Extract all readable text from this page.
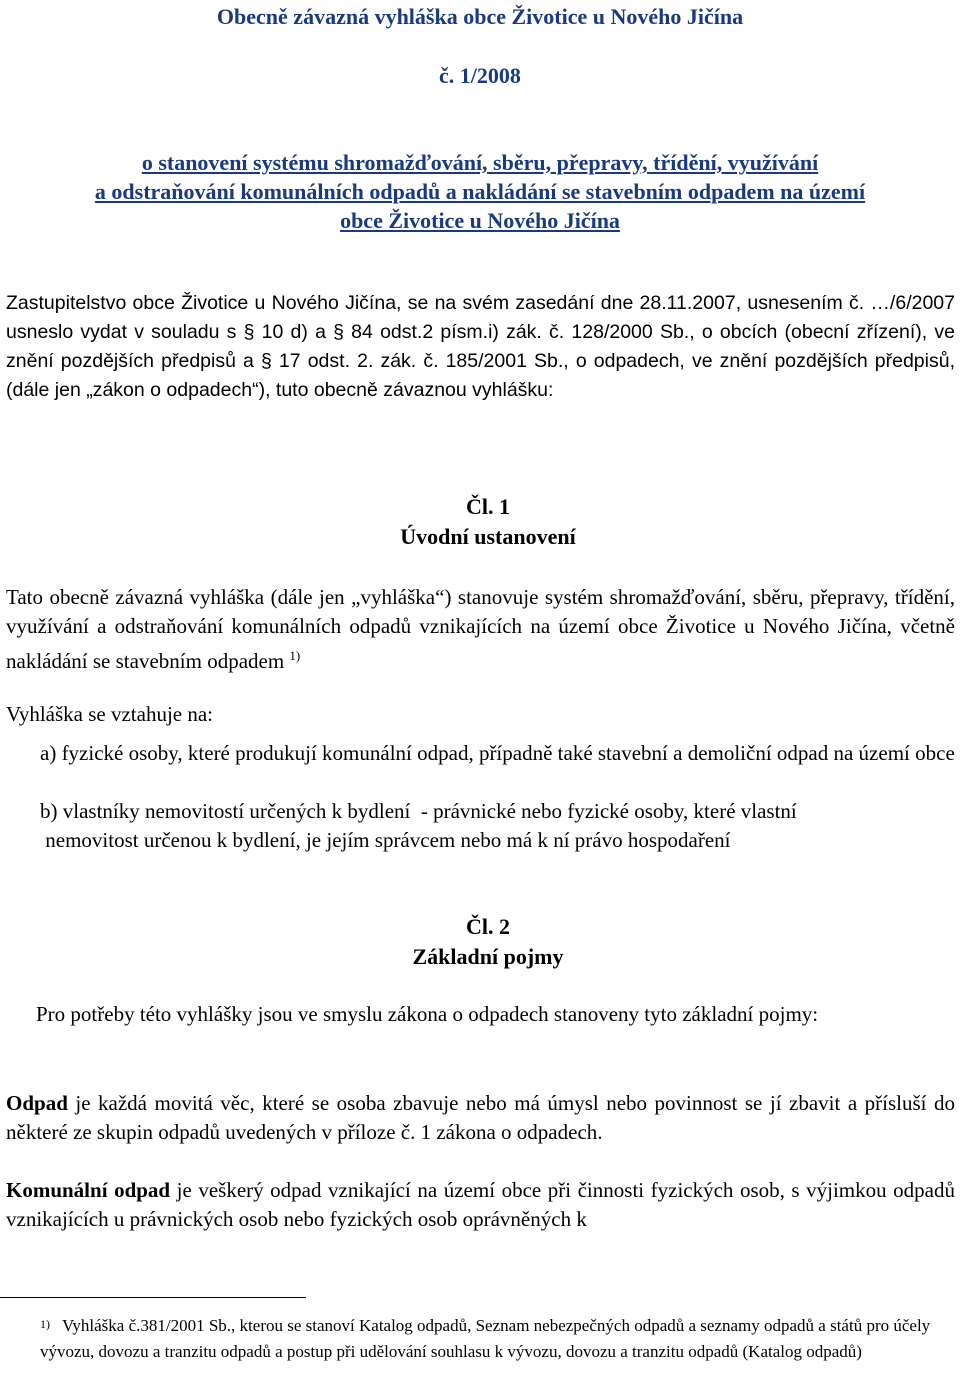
Obecně závazná vyhláška obce Životice u Nového Jičína
č. 1/2008
o stanovení systému shromažďování, sběru, přepravy, třídění, využívání
a odstraňování komunálních odpadů a nakládání se stavebním odpadem na území
obce Životice u Nového Jičína

Zastupitelstvo obce Životice u Nového Jičína, se na svém zasedání dne 28.11.2007, usnesením č. …/6/2007 usneslo vydat v souladu s § 10 d) a § 84 odst.2 písm.i) zák. č. 128/2000 Sb., o obcích (obecní zřízení), ve znění pozdějších předpisů a § 17 odst. 2. zák. č. 185/2001 Sb., o odpadech, ve znění pozdějších předpisů, (dále jen „zákon o odpadech“), tuto obecně závaznou vyhlášku:

Čl. 1
Úvodní ustanovení

Tato obecně závazná vyhláška (dále jen „vyhláška“) stanovuje systém shromažďování, sběru, přepravy, třídění, využívání a odstraňování komunálních odpadů vznikajících na území obce Životice u Nového Jičína, včetně nakládání se stavebním odpadem $^{1)}$

Vyhláška se vztahuje na:

a) fyzické osoby, které produkují komunální odpad, případně také stavební a demoliční odpad na území obce

b) vlastníky nemovitostí určených k bydlení  - právnické nebo fyzické osoby, které vlastní
nemovitost určenou k bydlení, je jejím správcem nebo má k ní právo hospodaření
Čl. 2
Základní pojmy

Pro potřeby této vyhlášky jsou ve smyslu zákona o odpadech stanoveny tyto základní pojmy:

Odpad je každá movitá věc, které se osoba zbavuje nebo má úmysl nebo povinnost se jí zbavit a přísluší do některé ze skupin odpadů uvedených v příloze č. 1 zákona o odpadech.

Komunální odpad je veškerý odpad vznikající na území obce při činnosti fyzických osob, s výjimkou odpadů vznikajících u právnických osob nebo fyzických osob oprávněných k

$^{1)}$ Vyhláška č.381/2001 Sb., kterou se stanoví Katalog odpadů, Seznam nebezpečných odpadů a seznamy odpadů a států pro účely vývozu, dovozu a tranzitu odpadů a postup při udělování souhlasu k vývozu, dovozu a tranzitu odpadů (Katalog odpadů)
